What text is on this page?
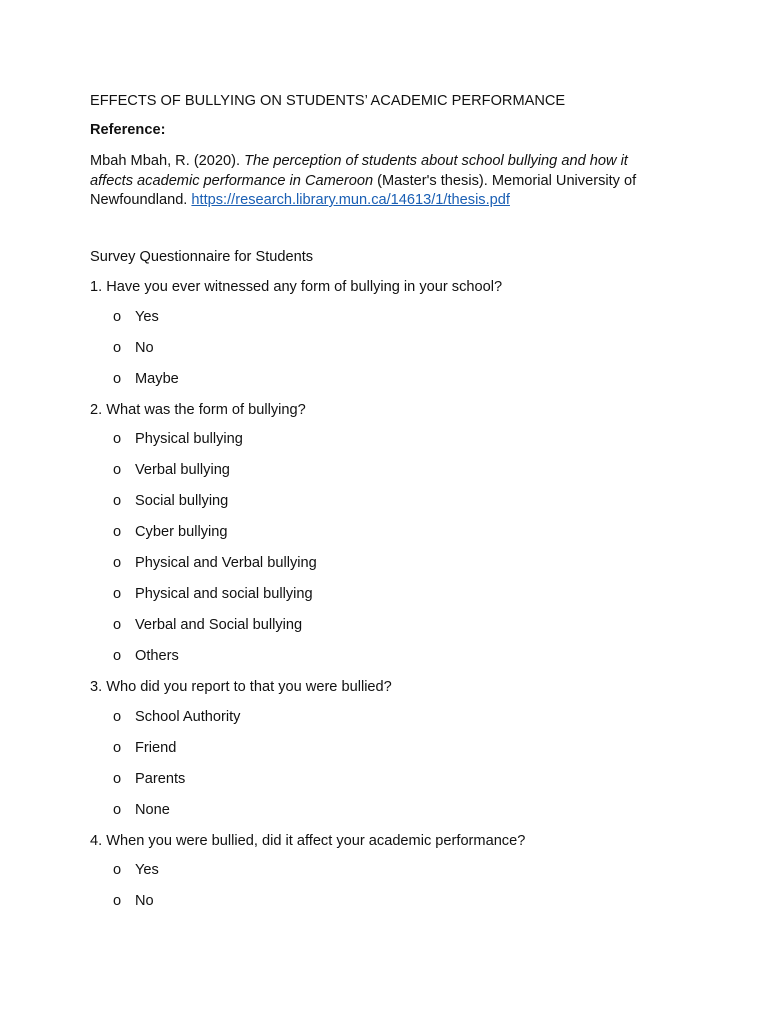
EFFECTS OF BULLYING ON STUDENTS’ ACADEMIC PERFORMANCE
Reference:
Mbah Mbah, R. (2020). The perception of students about school bullying and how it affects academic performance in Cameroon (Master's thesis). Memorial University of Newfoundland. https://research.library.mun.ca/14613/1/thesis.pdf
Survey Questionnaire for Students
1. Have you ever witnessed any form of bullying in your school?
o Yes
o No
o Maybe
2. What was the form of bullying?
o Physical bullying
o Verbal bullying
o Social bullying
o Cyber bullying
o Physical and Verbal bullying
o Physical and social bullying
o Verbal and Social bullying
o Others
3. Who did you report to that you were bullied?
o School Authority
o Friend
o Parents
o None
4. When you were bullied, did it affect your academic performance?
o Yes
o No
